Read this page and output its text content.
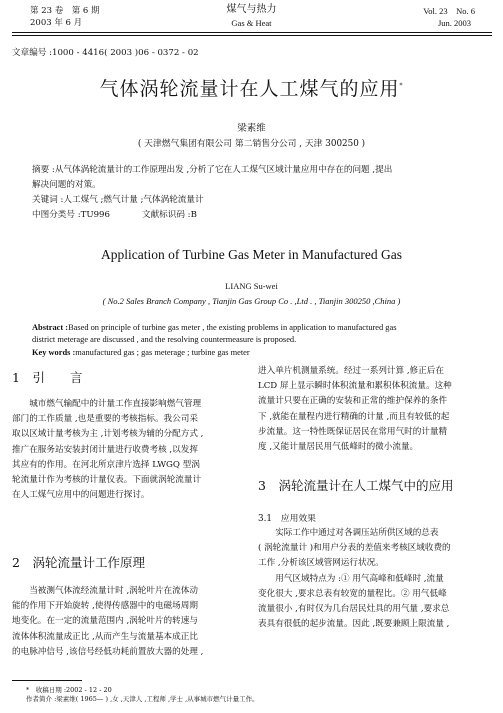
第 23 卷　第 6 期
2003 年 6 月
煤气与热力
Gas & Heat
Vol. 23　No. 6
Jun. 2003
文章编号 :1000 - 4416( 2003 )06 - 0372 - 02
气体涡轮流量计在人工煤气的应用*
梁素维
( 天津燃气集团有限公司 第二销售分公司 , 天津 300250 )
摘要 :从气体涡轮流量计的工作原理出发 ,分析了它在人工煤气区域计量应用中存在的问题 ,提出
解决问题的对策。
关键词 :人工煤气 ;燃气计量 ;气体涡轮流量计
中图分类号 :TU996	文献标识码 :B
Application of Turbine Gas Meter in Manufactured Gas
LIANG Su-wei
( No.2 Sales Branch Company , Tianjin Gas Group Co . ,Ltd . , Tianjin 300250 ,China )
Abstract :Based on principle of turbine gas meter , the existing problems in application to manufactured gas
district meterage are discussed , and the resolving countermeasure is proposed.
Key words :manufactured gas ; gas meterage ; turbine gas meter
1　引　　言
　　城市燃气输配中的计量工作直接影响燃气管理
部门的工作质量 ,也是重要的考核指标。我公司采
取以区域计量考核为主 ,计划考核为辅的分配方式 ,
推广在服务站安装封闭计量进行收费考核 ,以发挥
其应有的作用。在河北所京津片选择 LWGQ 型涡
轮流量计作为考核的计量仪表。下面就涡轮流量计
在人工煤气应用中的问题进行探讨。
2　涡轮流量计工作原理
　　当被测气体流经流量计时 ,涡轮叶片在流体动
能的作用下开始旋转 ,使得传感器中的电磁场周期
地变化。在一定的流量范围内 ,涡轮叶片的转速与
流体体积流量成正比 ,从而产生与流量基本成正比
的电脉冲信号 ,该信号经低功耗前置放大器的处理 ,
进入单片机测量系统。经过一系列计算 ,修正后在
LCD 屏上显示瞬时体积流量和累积体积流量。这种
流量计只要在正确的安装和正常的维护保养的条件
下 ,就能在量程内进行精确的计量 ,而且有较低的起
步流量。这一特性既保证居民在常用气时的计量精
度 ,又能计量居民用气低峰时的微小流量。
3　涡轮流量计在人工煤气中的应用
3.1　应用效果
　　实际工作中通过对各调压站所供区域的总表
( 涡轮流量计 )和用户分表的差值来考核区域收费的
工作 ,分析该区域管网运行状况。
　　用气区域特点为 :① 用气高峰和低峰时 ,流量
变化很大 ,要求总表有较宽的量程比。② 用气低峰
流量很小 ,有时仅为几台居民灶具的用气量 ,要求总
表具有很低的起步流量。因此 ,既要兼顾上限流量 ,
*　 收稿日期 :2002 - 12 - 20
作者简介 :梁素维( 1965— ) ,女 ,天津人 ,工程师 ,学士 ,从事城市燃气计量工作。
